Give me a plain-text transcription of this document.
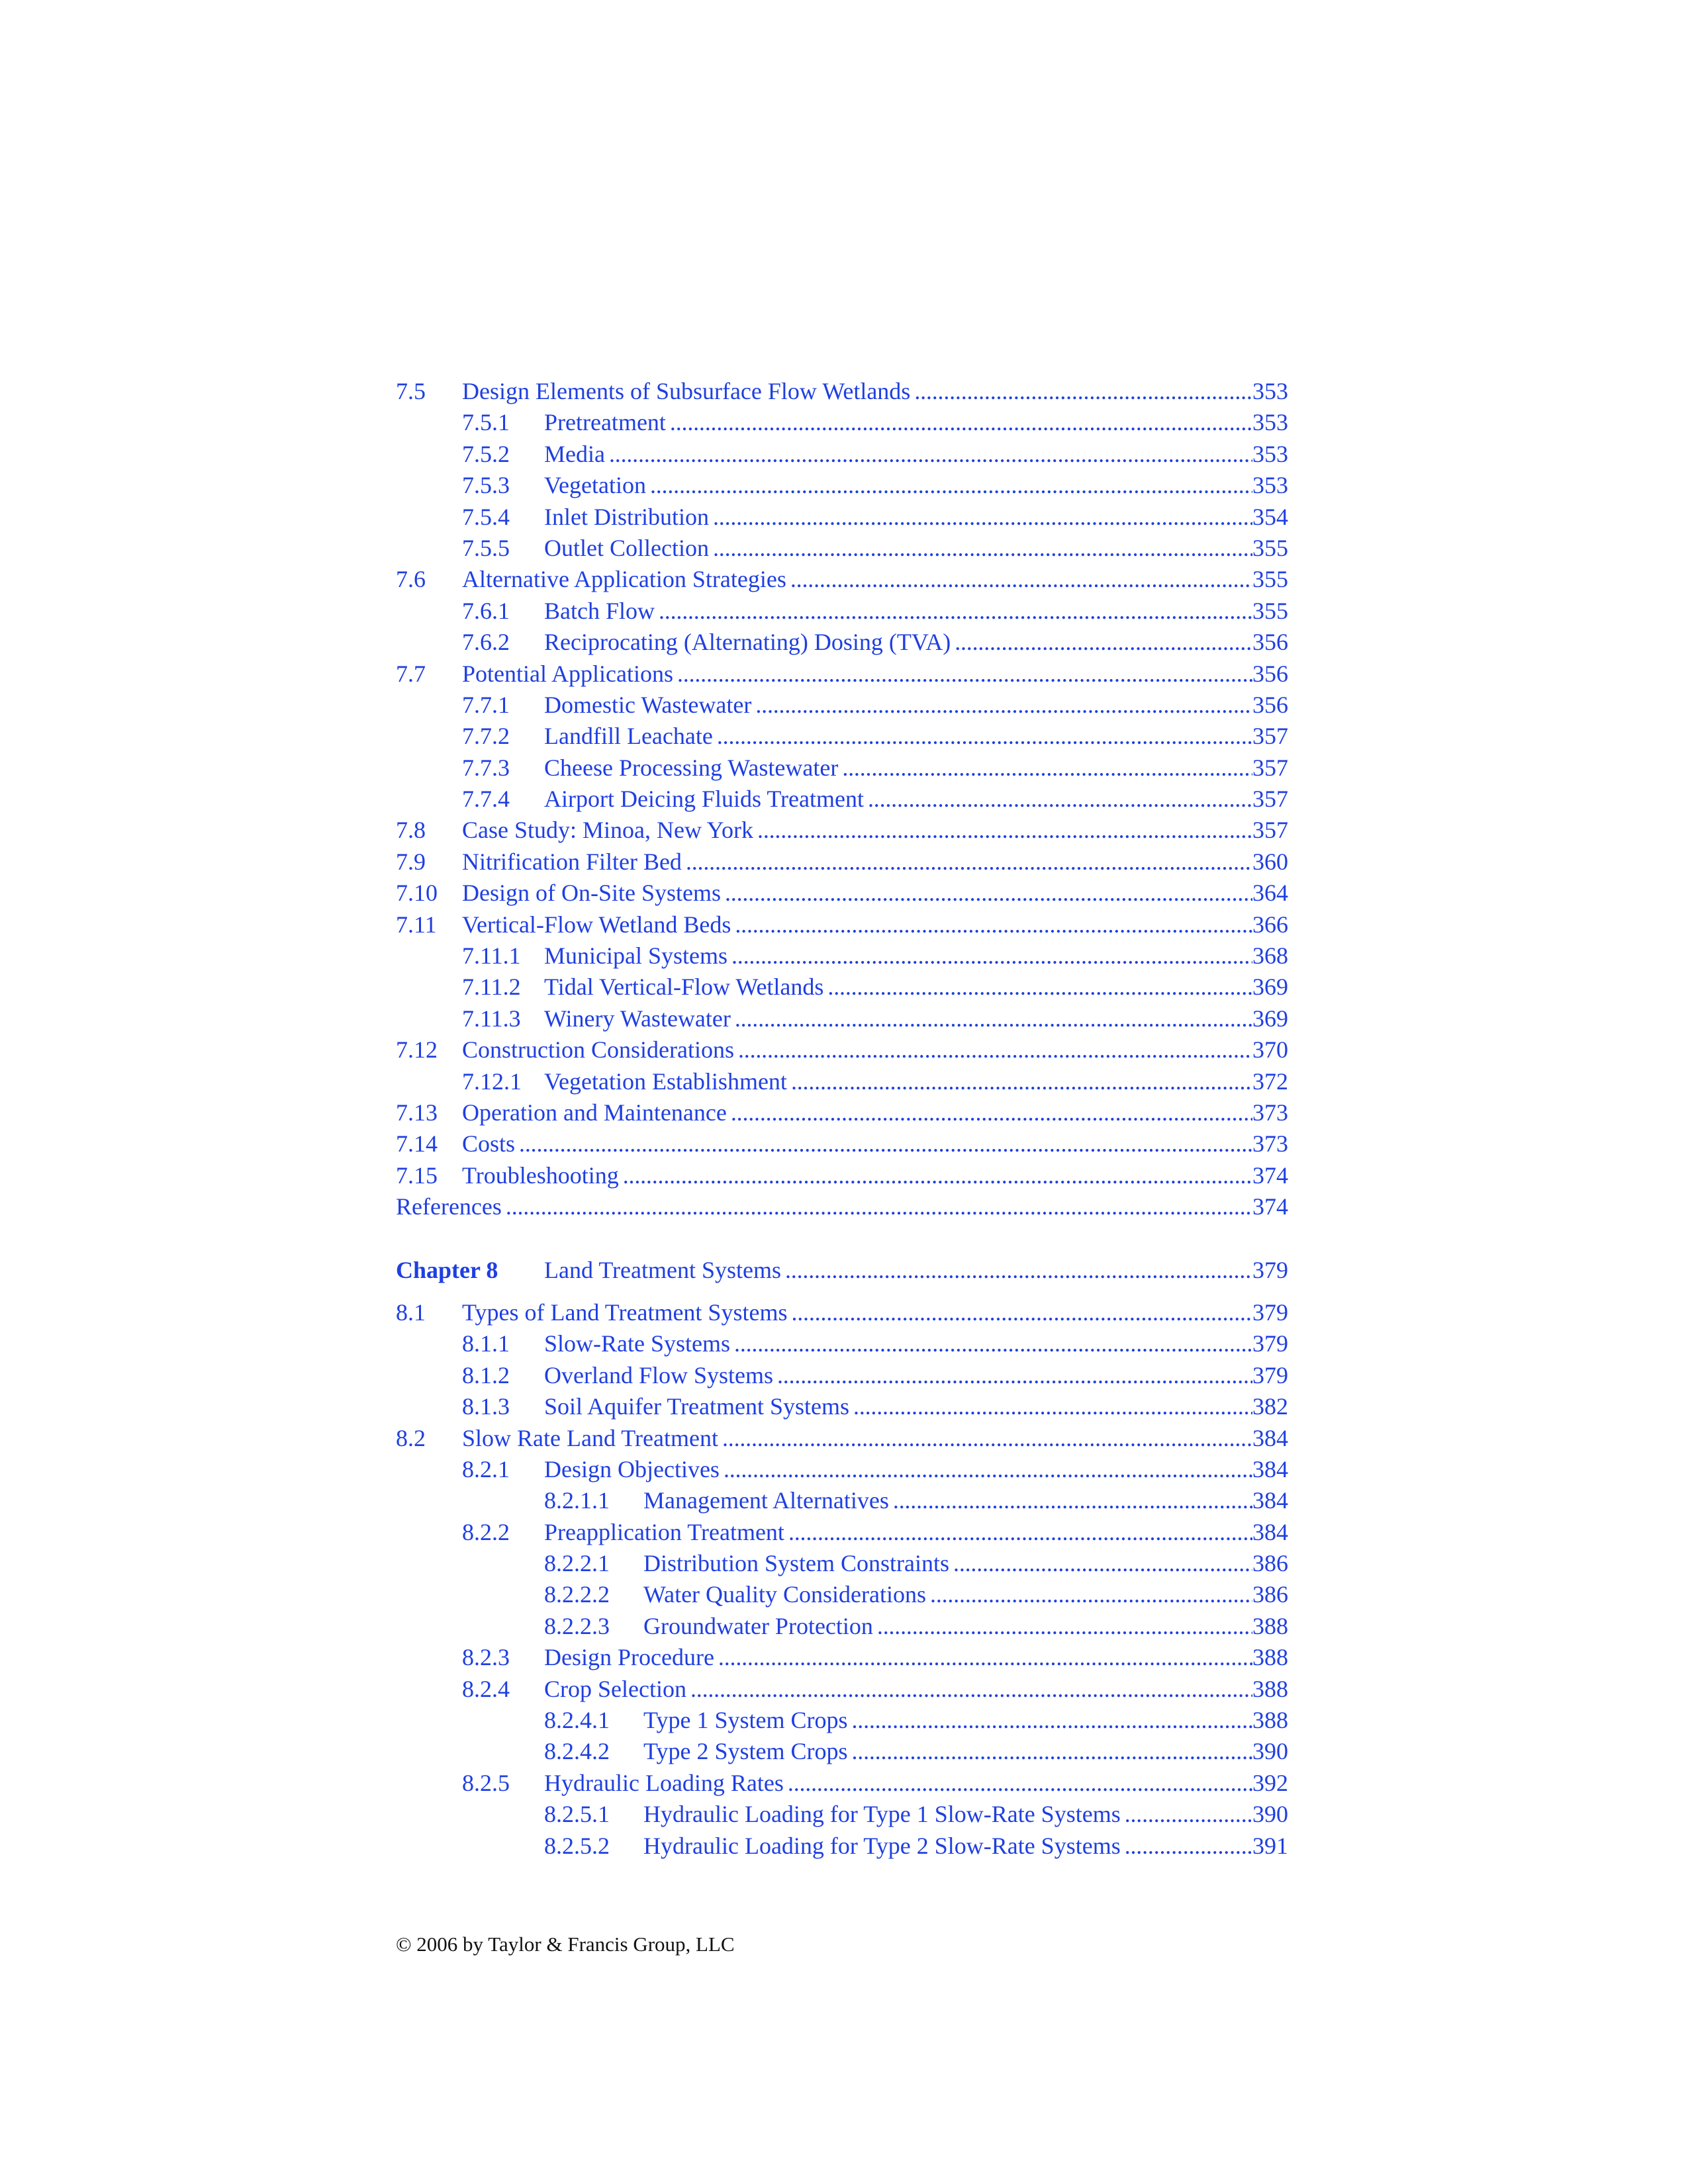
7.5 Design Elements of Subsurface Flow Wetlands . . .	353
7.5.1 Pretreatment . . .	353
7.5.2 Media . . .	353
7.5.3 Vegetation . . .	353
7.5.4 Inlet Distribution . . .	354
7.5.5 Outlet Collection . . .	355
7.6 Alternative Application Strategies . . .	355
7.6.1 Batch Flow . . .	355
7.6.2 Reciprocating (Alternating) Dosing (TVA) . . .	356
7.7 Potential Applications . . .	356
7.7.1 Domestic Wastewater . . .	356
7.7.2 Landfill Leachate . . .	357
7.7.3 Cheese Processing Wastewater . . .	357
7.7.4 Airport Deicing Fluids Treatment . . .	357
7.8 Case Study: Minoa, New York . . .	357
7.9 Nitrification Filter Bed . . .	360
7.10 Design of On-Site Systems . . .	364
7.11 Vertical-Flow Wetland Beds . . .	366
7.11.1 Municipal Systems . . .	368
7.11.2 Tidal Vertical-Flow Wetlands . . .	369
7.11.3 Winery Wastewater . . .	369
7.12 Construction Considerations . . .	370
7.12.1 Vegetation Establishment . . .	372
7.13 Operation and Maintenance . . .	373
7.14 Costs . . .	373
7.15 Troubleshooting . . .	374
References . . .	374
Chapter 8 Land Treatment Systems . . .	379
8.1 Types of Land Treatment Systems . . .	379
8.1.1 Slow-Rate Systems . . .	379
8.1.2 Overland Flow Systems . . .	379
8.1.3 Soil Aquifer Treatment Systems . . .	382
8.2 Slow Rate Land Treatment . . .	384
8.2.1 Design Objectives . . .	384
8.2.1.1 Management Alternatives . . .	384
8.2.2 Preapplication Treatment . . .	384
8.2.2.1 Distribution System Constraints . . .	386
8.2.2.2 Water Quality Considerations . . .	386
8.2.2.3 Groundwater Protection . . .	388
8.2.3 Design Procedure . . .	388
8.2.4 Crop Selection . . .	388
8.2.4.1 Type 1 System Crops . . .	388
8.2.4.2 Type 2 System Crops . . .	390
8.2.5 Hydraulic Loading Rates . . .	392
8.2.5.1 Hydraulic Loading for Type 1 Slow-Rate Systems . . .	390
8.2.5.2 Hydraulic Loading for Type 2 Slow-Rate Systems . . .	391
© 2006 by Taylor & Francis Group, LLC
